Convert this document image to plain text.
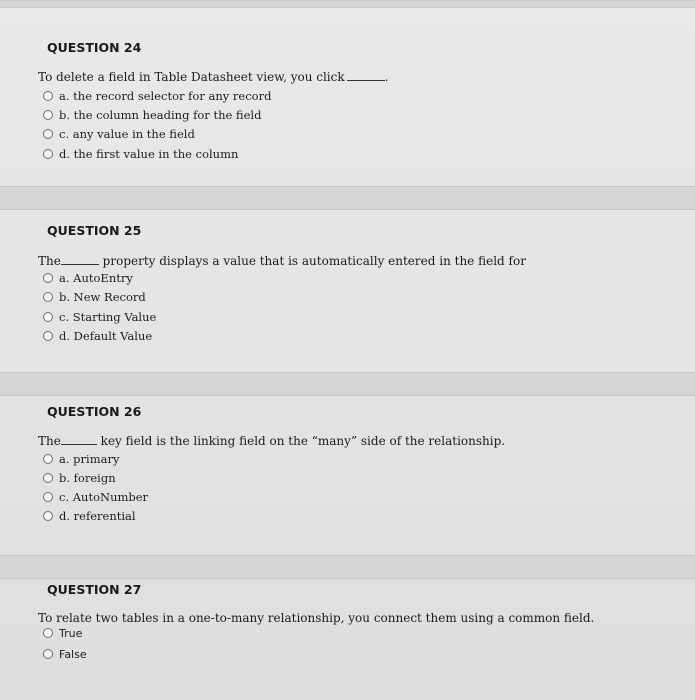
QUESTION 24
To delete a field in Table Datasheet view, you click	.
a. the record selector for any record
b. the column heading for the field
c. any value in the field
d. the first value in the column
QUESTION 25
The	property displays a value that is automatically entered in the field for
a. AutoEntry
b. New Record
c. Starting Value
d. Default Value
QUESTION 26
The	key field is the linking field on the “many” side of the relationship.
a. primary
b. foreign
c. AutoNumber
d. referential
QUESTION 27
To relate two tables in a one-to-many relationship, you connect them using a common field.
True
False
